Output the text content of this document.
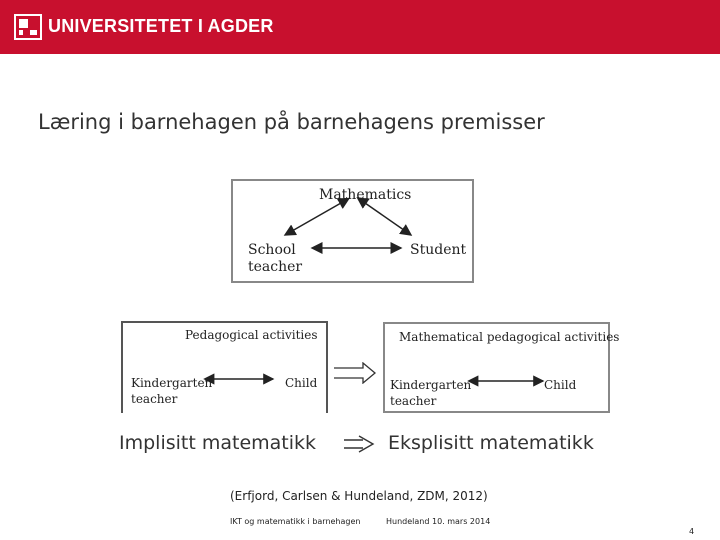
UNIVERSITETET I AGDER
Læring i barnehagen på barnehagens premisser
Mathematics
School
teacher
Student
Pedagogical activities
Kindergarten
teacher
Child
Mathematical pedagogical activities
Kindergarten
teacher
Child
Implisitt matematikk	Eksplisitt matematikk
(Erfjord, Carlsen & Hundeland, ZDM, 2012)
IKT og matematikk i barnehagen	Hundeland 10. mars 2014
4
